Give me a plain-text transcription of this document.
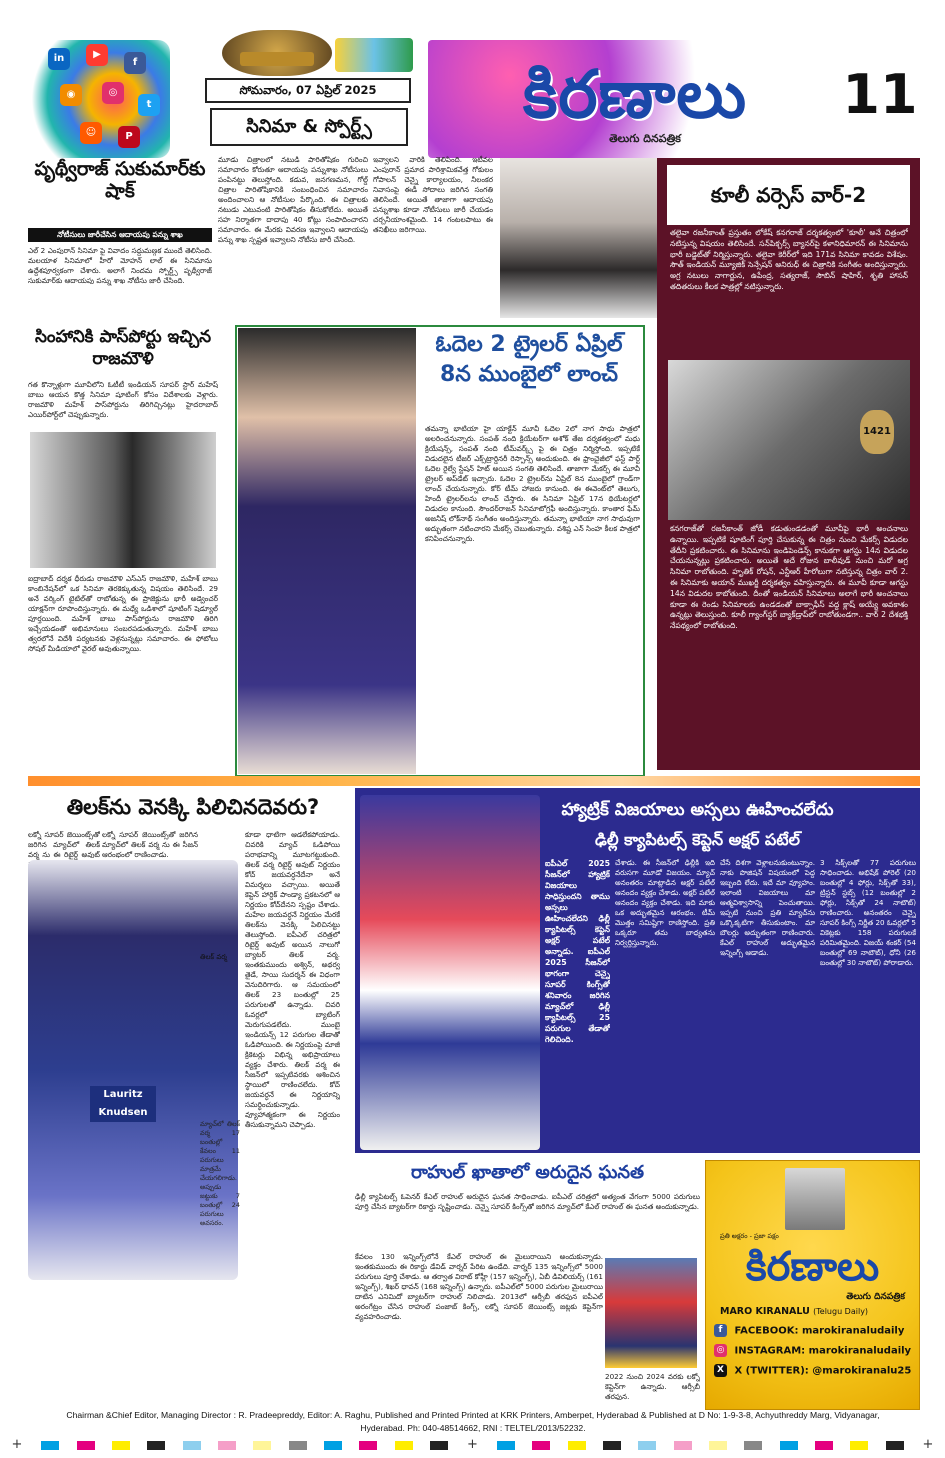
in	▶
f
◉	◎
t
☺	P
సోమవారం, 07 ఏప్రిల్ 2025
సినిమా & స్పోర్ట్స్	కిరణాలు
తెలుగు దినపత్రిక
11
పృథ్వీరాజ్ సుకుమార్‌కు షాక్
నోటీసులు జారీచేసిన ఆదాయపు పన్ను శాఖ
ఎల్ 2 ఎంపురాన్ సినిమా పై వివాదం సద్దుమణ్గక ముందే తెలిసింది. మలయాళ సినిమాలో హీరో మోహన్ లాల్ ఈ సినిమాను ఉద్దేశపూర్వకంగా చేశారు. అలాగే నిందమ స్పోర్ట్స్ పృథ్వీరాజ్ సుకుమార్‌కు ఆదాయపు పన్ను శాఖ నోటీసు జారీ చేసింది.
మూడు చిత్రాలలో నటుడి పారితోషికం గురించి సమాచారం కోరుతూ ఆదాయపు పన్నుశాఖ నోటీసులు పంపినట్టు తెలుస్తోంది. కడువ, జనగణమన, గోల్డ్ చిత్రాల పారితోషికానికి సంబంధించిన సమాచారం అందించాలని ఆ నోటీసుల పేర్కొంది. ఈ చిత్రాలకు నటుడు ఎటువంటి పారితోషికం తీసుకోలేదు. అయితే సహ నిర్మాతగా దాదాపు 40 కోట్లు సంపాదించారని సమాచారం. ఈ మేరకు వివరణ ఇవ్వాలని ఆదాయపు పన్ను శాఖ స్పష్టత ఇవ్వాలని నోటీసు జారీ చేసింది.
ఇవ్వాలని వారికి తెలిపింది. ఇటీవల ఎంపురాన్ ప్రమాద పారిశ్రామికవేత్త గోకులం గోపాలన్ చెన్నై కార్యాలయం, నీలంకర నివాసంపై ఈడీ సోదాలు జరిగిన సంగతి తెలిసిందే. అయితే తాజాగా ఆదాయపు పన్నుశాఖ కూడా నోటీసులు జారీ చేయడం చర్చనీయాంశమైంది. 14 గంటలపాటు ఈ తనిఖీలు జరిగాయి.
సింహానికి పాస్‌పోర్టు ఇచ్చిన రాజమౌళి
గత కొన్నాళ్లుగా మూవీలోని ఓటీటీ ఇండియన్ సూపర్ స్టార్ మహేష్ బాబు ఆయన కొత్త సినిమా షూటింగ్ కోసం విదేశాలకు వెళ్లారు. రాజమౌళి మహేశ్ పాస్‌పోర్టును తిరిగిచ్చినట్లు హైదరాబాద్ ఎయిర్‌పోర్ట్‌లో చెప్పుకున్నారు.
ఐద్రాబాద్ దర్శక ధీరుడు రాజమౌళి ఎస్ఎస్ రాజమౌళి, మహేశ్ బాబు కాంబినేషన్‌లో ఒక సినిమా తెరకెక్కుతున్న విషయం తెలిసిందే. 29 అనే వర్కింగ్ టైటిల్‌తో రాబోతున్న ఈ ప్రాజెక్టును భారీ అడ్వెంచర్ యాక్షన్‌గా రూపొందిస్తున్నారు. ఈ మధ్యే ఒడిశాలో షూటింగ్ షెడ్యూల్ పూర్తయింది. మహేశ్ బాబు పాస్‌పోర్టును రాజమౌళి తిరిగి ఇచ్చేయడంతో అభిమానులు సంబరపడుతున్నారు. మహేశ్ బాబు త్వరలోనే విదేశీ పర్యటనకు వెళ్లనున్నట్లు సమాచారం. ఈ ఫోటోలు సోషల్ మీడియాలో వైరల్ అవుతున్నాయి.
ఓదెల 2 ట్రైలర్ ఏప్రిల్ 8న ముంబైలో లాంచ్
తమన్నా భాటియా హై యాక్టేన్ మూవీ ఓదెల 2లో నాగ సాధు పాత్రలో అలరించనున్నారు. సంపత్ నంది క్రియేటర్‌గా అశోక్ తేజ దర్శకత్వంలో మధు క్రియేషన్స్, సంపత్ నంది టీమ్‌వర్క్స్ పై ఈ చిత్రం నిర్మిస్తోంది. ఇప్పటికే విడుదలైన టీజర్ ఎక్స్‌ట్రార్డినరీ రెస్పాన్స్ అందుకుంది. ఈ ఫ్రాంచైజీలో ఫస్ట్ పార్ట్ ఓదెల రైల్వే స్టేషన్ హిట్ అయిన సంగతి తెలిసిందే. తాజాగా మేకర్స్ ఈ మూవీ ట్రైలర్ అప్‌డేట్ ఇచ్చారు. ఓదెల 2 ట్రైలర్‌ను ఏప్రిల్ 8న ముంబైలో గ్రాండ్‌గా లాంచ్ చేయనున్నారు. కోర్ టీమ్ హాజరు కానుంది. ఈ ఈవెంట్‌లో తెలుగు, హిందీ ట్రైలర్‌లను లాంచ్ చేస్తారు. ఈ సినిమా ఏప్రిల్ 17న థియేటర్లలో విడుదల కానుంది. సౌందర్‌రాజన్ సినిమాటోగ్రఫీ అందిస్తున్నారు. కాంతార ఫేమ్ అజనీష్ లోక్‌నాథ్ సంగీతం అందిస్తున్నారు. తమన్నా భాటియా నాగ సాధువుగా అద్భుతంగా నటించారని మేకర్స్ చెబుతున్నారు. వశిష్ట ఎన్ సింహ కీలక పాత్రలో కనిపించనున్నారు.
కూలీ వర్సెస్ వార్-2
తలైవా రజనీకాంత్ ప్రస్తుతం లోకేష్ కనగరాజ్ దర్శకత్వంలో 'కూలీ' అనే చిత్రంలో నటిస్తున్న విషయం తెలిసిందే. సన్‌పిక్చర్స్ బ్యానర్‌పై కళానిధిమారన్ ఈ సినిమాను భారీ బడ్జెట్‌తో నిర్మిస్తున్నారు. తలైవా కెరీర్‌లో ఇది 171వ సినిమా కావడం విశేషం. సౌత్ ఇండియన్ మ్యూజిక్ సెన్సేషన్ అనిరుధ్ ఈ చిత్రానికి సంగీతం అందిస్తున్నారు. అగ్ర నటులు నాగార్జున, ఉపేంద్ర, సత్యరాజ్, సౌబిన్ షాహిర్, శృతి హాసన్ తదితరులు కీలక పాత్రల్లో నటిస్తున్నారు.
1421
కనగరాజ్‌తో రజనీకాంత్ జోడీ కడుతుండడంతో మూవీపై భారీ అంచనాలు ఉన్నాయి. ఇప్పటికే షూటింగ్ పూర్తి చేసుకున్న ఈ చిత్రం నుంచి మేకర్స్ విడుదల తేదీని ప్రకటించారు. ఈ సినిమాను ఇండిపెండెన్స్ కానుకగా ఆగస్టు 14న విడుదల చేయనున్నట్లు ప్రకటించారు. అయితే అదే రోజున బాలీవుడ్ నుంచి మరో అగ్ర సినిమా రాబోతుంది. హృతిక్ రోషన్, ఎన్టీఆర్ హీరోలుగా నటిస్తున్న చిత్రం వార్ 2. ఈ సినిమాకు అయాన్ ముఖర్జీ దర్శకత్వం వహిస్తున్నారు. ఈ మూవీ కూడా ఆగస్టు 14న విడుదల కాబోతుంది. దీంతో ఇండియన్ సినిమాలు అలాగే భారీ అంచనాలు కూడా ఈ రెండు సినిమాలకు ఉండడంతో బాక్సాఫీస్ వద్ద క్లాష్ అయ్యే అవకాశం ఉన్నట్లు తెలుస్తుంది. కూలీ గ్యాంగ్‌స్టర్ బ్యాక్‌డ్రాప్‌లో రాబోతుండగా.. వార్ 2 దేశభక్తి నేపథ్యంలో రాబోతుంది.
తిలక్‌ను వెనక్కి పిలిచినదెవరు?
లక్నో సూపర్ జెయింట్స్‌తో జరిగిన మ్యాచ్‌లో తిలక్ వర్మ ను ఈ రిటైర్డ్ అవుట్
లక్నో సూపర్ జెయింట్స్‌తో జరిగిన మ్యాచ్‌లో తిలక్ వర్మ ను ఈ సీజన్ ఆరంభంలో రాణించాడు.
Lauritz Knudsen
తిలక్ వర్మ
మ్యాచ్‌లో తిలక్ వర్మ 17 బంతుల్లో కేవలం 11 పరుగులు మాత్రమే చేయగలిగాడు. అప్పుడు జట్టుకు 7 బంతుల్లో 24 పరుగులు అవసరం.
కూడా ధాటిగా ఆడలేకపోయాడు. చివరికి మ్యాచ్ ఓడిపోయి పరాభవాన్ని మూటగట్టుకుంది. తిలక్ వర్మ రిటైర్డ్ అవుట్ నిర్ణయం కోచ్ జయవర్ధనేదేనా అనే విమర్శలు వచ్చాయి. అయితే కెప్టెన్ హార్దిక్ పాండ్యా ప్రకటనలో ఆ నిర్ణయం కోచ్‌దేనని స్పష్టం చేశాడు. మహేల జయవర్ధనే నిర్ణయం మేరకే తిలక్‌ను వెనక్కి పిలిచినట్టు తెలుస్తోంది. ఐపీఎల్ చరిత్రలో రిటైర్డ్ అవుట్ అయిన నాలుగో బ్యాటర్ తిలక్ వర్మ. ఇంతకుముందు అశ్విన్, అథర్వ తైడే, సాయి సుదర్శన్ ఈ విధంగా వెనుదిరిగారు. ఆ సమయంలో తిలక్ 23 బంతుల్లో 25 పరుగులతో ఉన్నాడు. చివరి ఓవర్లలో బ్యాటింగ్ మెరుగుపడలేదు. ముంబై ఇండియన్స్ 12 పరుగుల తేడాతో ఓడిపోయింది. ఈ నిర్ణయంపై మాజీ క్రికెటర్లు విభిన్న అభిప్రాయాలు వ్యక్తం చేశారు. తిలక్ వర్మ ఈ సీజన్‌లో ఇప్పటివరకు ఆశించిన స్థాయిలో రాణించలేదు. కోచ్ జయవర్ధనే ఈ నిర్ణయాన్ని సమర్థించుకున్నాడు. వ్యూహాత్మకంగా ఈ నిర్ణయం తీసుకున్నామని చెప్పాడు.
హ్యాట్రిక్ విజయాలు అస్సలు ఊహించలేదు
ఢిల్లీ క్యాపిటల్స్ కెప్టెన్ అక్షర్ పటేల్
ఐపీఎల్ 2025 సీజన్‌లో హ్యాట్రిక్ విజయాలు సాధిస్తుందని తాము అస్సలు ఊహించలేదని ఢిల్లీ క్యాపిటల్స్ కెప్టెన్ అక్షర్ పటేల్ అన్నాడు. ఐపీఎల్ 2025 సీజన్‌లో భాగంగా చెన్నై సూపర్ కింగ్స్‌తో శనివారం జరిగిన మ్యాచ్‌లో ఢిల్లీ క్యాపిటల్స్ 25 పరుగుల తేడాతో గెలిచింది.
చేశాడు. ఈ సీజన్‌లో ఢిల్లీకి ఇది వరుసగా మూడో విజయం. మ్యాచ్ అనంతరం మాట్లాడిన అక్షర్ పటేల్ ఆనందం వ్యక్తం చేశాడు. అక్షర్ పటేల్ ఆనందం వ్యక్తం చేశాడు. ఇది మాకు ఒక అద్భుతమైన ఆరంభం. టీమ్ మొత్తం సమిష్టిగా రాణిస్తోంది. ప్రతి ఒక్కరూ తమ బాధ్యతను నిర్వర్తిస్తున్నారు.
చేసే దిశగా వెళ్లాలనుకుంటున్నాం. నాకు పొజిషన్ విషయంలో పెద్ద ఇబ్బంది లేదు. ఇదే మా వ్యూహం. ఇలాంటి విజయాలు మా ఆత్మవిశ్వాసాన్ని పెంచుతాయి. ఇప్పటి నుంచి ప్రతి మ్యాచ్‌ను ఒక్కొక్కటిగా తీసుకుంటాం. మా బౌలర్లు అద్భుతంగా రాణించారు. కేఎల్ రాహుల్ అద్భుతమైన ఇన్నింగ్స్ ఆడాడు.
3 సిక్స్‌లతో 77 పరుగులు సాధించాడు. అభిషేక్ పోరెల్ (20 బంతుల్లో 4 ఫోర్లు, సిక్స్‌తో 33), ట్రిస్టన్ స్టబ్స్ (12 బంతుల్లో 2 ఫోర్లు, సిక్స్‌తో 24 నాటౌట్) రాణించారు. అనంతరం చెన్నై సూపర్ కింగ్స్ నిర్ణీత 20 ఓవర్లలో 5 వికెట్లకు 158 పరుగులకే పరిమితమైంది. విజయ్ శంకర్ (54 బంతుల్లో 69 నాటౌట్), ధోనీ (26 బంతుల్లో 30 నాటౌట్) పోరాడారు.
రాహుల్ ఖాతాలో అరుదైన ఘనత
ఢిల్లీ క్యాపిటల్స్ ఓపెనర్ కేఎల్ రాహుల్ అరుదైన ఘనత సాధించాడు. ఐపీఎల్ చరిత్రలో అత్యంత వేగంగా 5000 పరుగులు పూర్తి చేసిన బ్యాటర్‌గా రికార్డు సృష్టించాడు. చెన్నై సూపర్ కింగ్స్‌తో జరిగిన మ్యాచ్‌లో కేఎల్ రాహుల్ ఈ ఘనత అందుకున్నాడు.
కేవలం 130 ఇన్నింగ్స్‌లోనే కేఎల్ రాహుల్ ఈ మైలురాయిని అందుకున్నాడు. ఇంతకుముందు ఈ రికార్డు డేవిడ్ వార్నర్ పేరిట ఉండేది. వార్నర్ 135 ఇన్నింగ్స్‌లో 5000 పరుగులు పూర్తి చేశాడు. ఆ తర్వాత విరాట్ కోహ్లీ (157 ఇన్నింగ్స్), ఏబీ డివిలియర్స్ (161 ఇన్నింగ్స్), శిఖర్ ధావన్ (168 ఇన్నింగ్స్) ఉన్నారు. ఐపీఎల్‌లో 5000 పరుగుల మైలురాయి దాటిన ఎనిమిదో బ్యాటర్‌గా రాహుల్ నిలిచాడు. 2013లో ఆర్సీబీ తరఫున ఐపీఎల్ అరంగేట్రం చేసిన రాహుల్ పంజాబ్ కింగ్స్, లక్నో సూపర్ జెయింట్స్ జట్లకు కెప్టెన్‌గా వ్యవహరించాడు.
2022 నుంచి 2024 వరకు లక్నో కెప్టెన్‌గా ఉన్నాడు. ఆర్సీబీ తరఫున.
ప్రతి అక్షరం - ప్రజా పక్షం
కిరణాలు
తెలుగు దినపత్రిక
MARO KIRANALU (Telugu Daily)
f FACEBOOK: marokiranaludaily
◎ INSTAGRAM: marokiranaludaily
X X (TWITTER): @marokiranalu25
Chairman &Chief Editor, Managing Director : R. Pradeepreddy, Editor: A. Raghu, Published and Printed Printed at KRK Printers, Amberpet, Hyderabad & Published at D No: 1-9-3-8, Achyuthreddy Marg, Vidyanagar,
Hyderabad. Ph: 040-48514662, RNI : TELTEL/2013/52232.
+	+	+
